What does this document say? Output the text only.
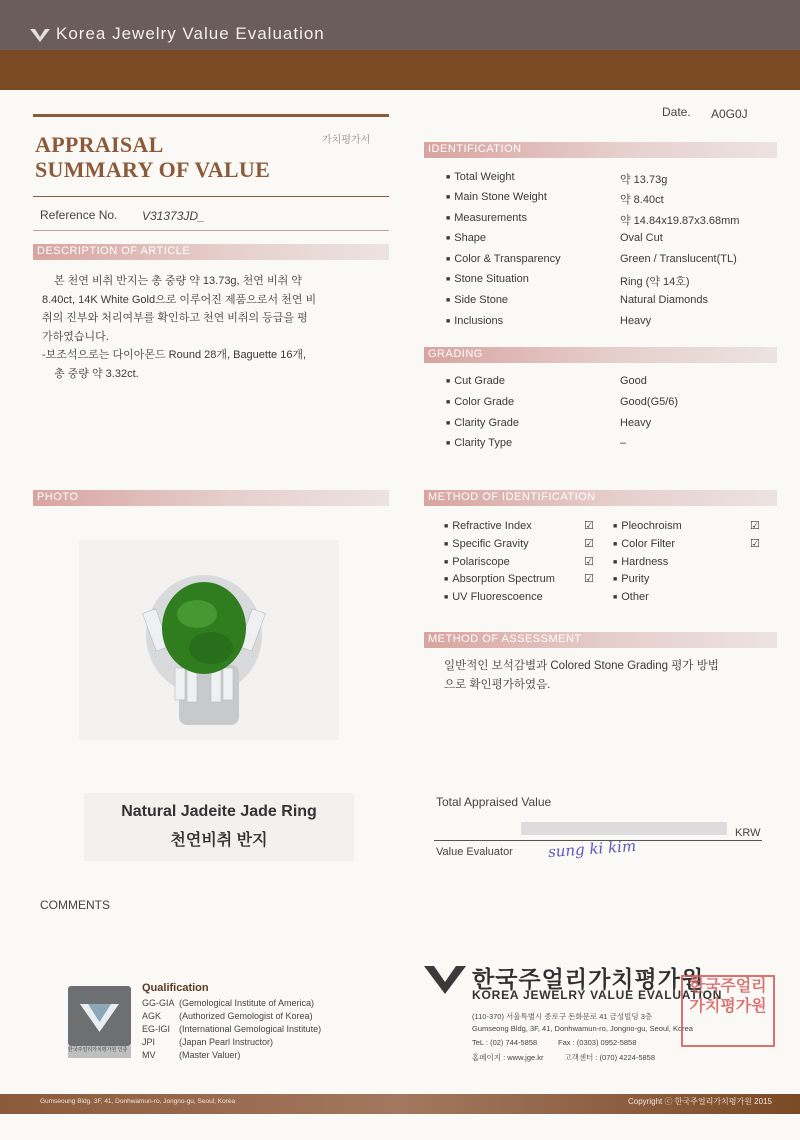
Korea Jewelry Value Evaluation
Date. A0G0J
APPRAISAL
SUMMARY OF VALUE
가치평가서
Reference No. V31373JD_
DESCRIPTION OF ARTICLE

본 천연 비취 반지는 총 중량 약 13.73g, 천연 비취 약

8.40ct, 14K White Gold으로 이루어진 제품으로서 천연 비

취의 진부와 처리여부를 확인하고 천연 비취의 등급을 평

가하였습니다.

-보조석으로는 다이아몬드 Round 28개, Baguette 16개,

총 중량 약 3.32ct.

IDENTIFICATION
■ Total Weight	약 13.73g
■ Main Stone Weight	약 8.40ct
■ Measurements	약 14.84x19.87x3.68mm
■ Shape	Oval Cut
■ Color & Transparency	Green / Translucent(TL)
■ Stone Situation	Ring (약 14호)
■ Side Stone	Natural Diamonds
■ Inclusions	Heavy
GRADING
■ Cut Grade	Good
■ Color Grade	Good(G5/6)
■ Clarity Grade	Heavy
■ Clarity Type	–
PHOTO
Natural Jadeite Jade Ring
천연비취 반지
METHOD OF IDENTIFICATION
■ Refractive Index	☑
■ Specific Gravity	☑
■ Polariscope	☑
■ Absorption Spectrum	☑
■ UV Fluorescoence
■ Pleochroism	☑
■ Color Filter	☑
■ Hardness
■ Purity
■ Other
METHOD OF ASSESSMENT
일반적인 보석감별과 Colored Stone Grading 평가 방법
으로 확인평가하였음.
Total Appraised Value
KRW
Value Evaluator sung ki kim
COMMENTS
한국주얼리가치평가원 인증
Qualification
GG-GIA (Gemological Institute of America)
AGK (Authorized Gemologist of Korea)
EG-IGI (International Gemological Institute)
JPI	(Japan Pearl Instructor)
MV	(Master Valuer)
한국주얼리가치평가원
KOREA JEWELRY VALUE EVALUATION
(110-370) 서울특별시 종로구 돈화문로 41 금성빌딩 3층
Gumseong Bldg, 3F, 41, Donhwamun-ro, Jongno-gu, Seoul, Korea
TeL : (02) 744-5858          Fax : (0303) 0952-5858
홈페이지 : www.jge.kr          고객센터 : (070) 4224-5858
한국주얼리가치평가원
Gumseoung Bldg. 3F, 41, Donhwamun-ro, Jongno-gu, Seoul, Korea	Copyright ⓒ 한국주얼리가치평가원 2015
